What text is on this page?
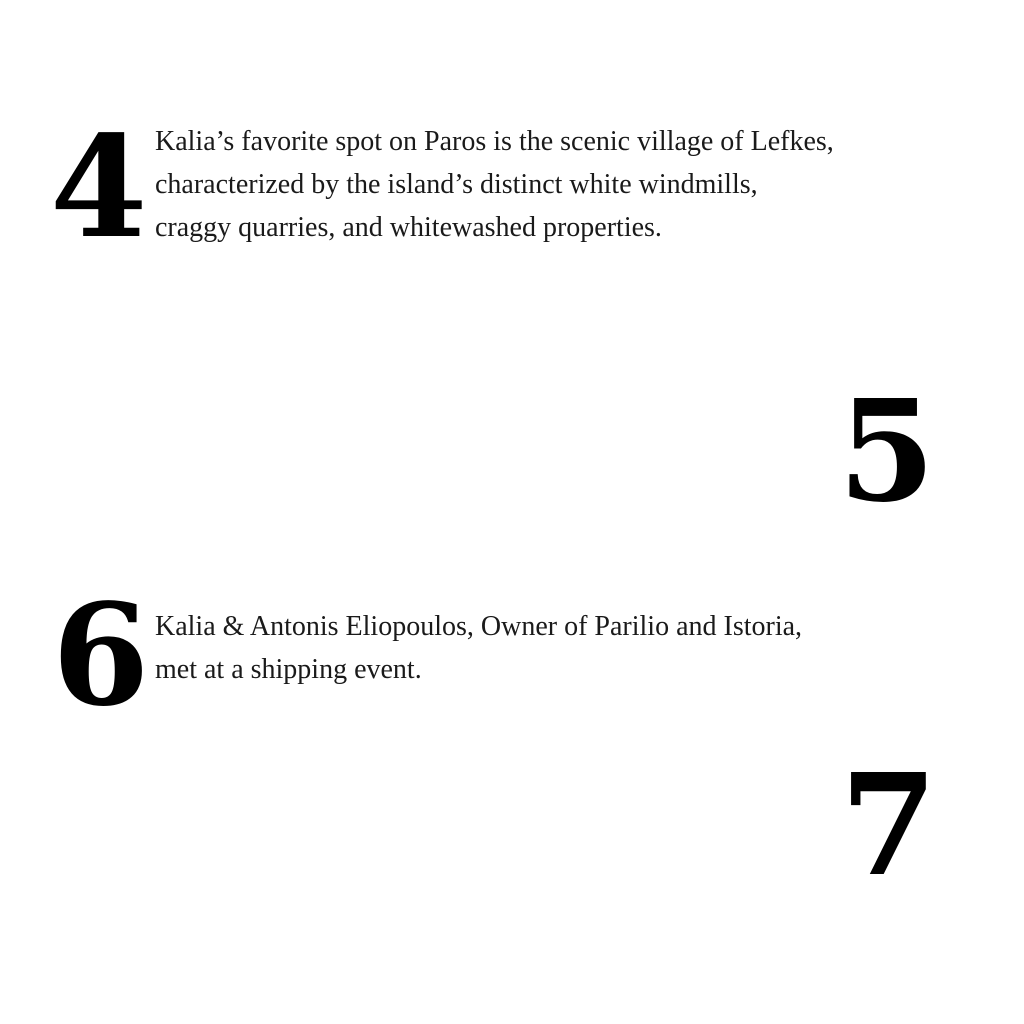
4 Kalia’s favorite spot on Paros is the scenic village of Lefkes,
characterized by the island’s distinct white windmills,
craggy quarries, and whitewashed properties.
5
6 Kalia & Antonis Eliopoulos, Owner of Parilio and Istoria,
met at a shipping event.
7
